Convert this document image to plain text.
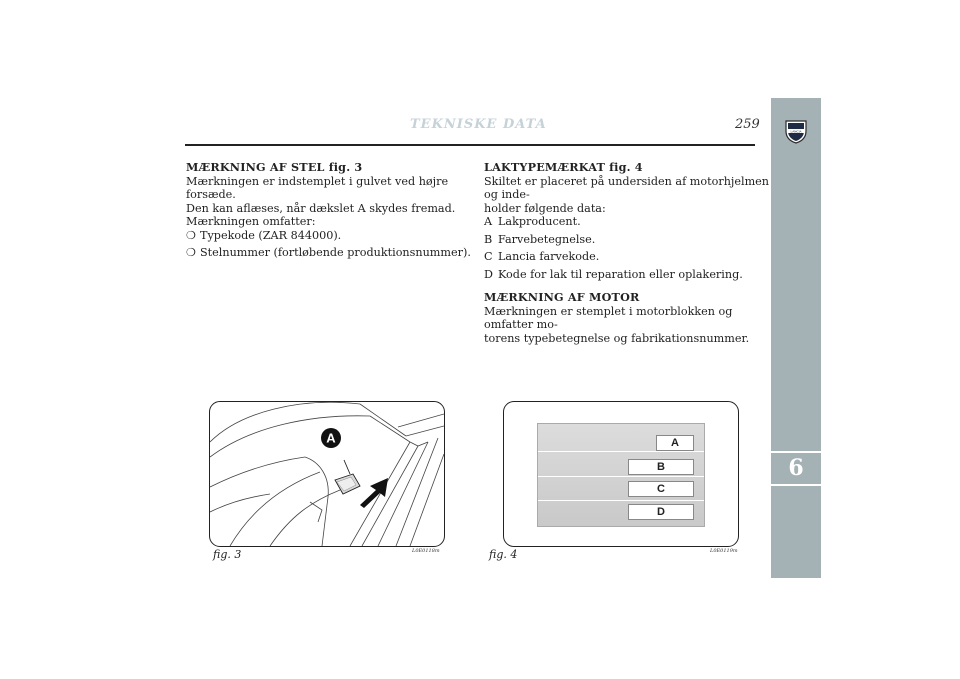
TEKNISKE DATA	259
6
LANCIA

MÆRKNING AF STEL fig. 3

Mærkningen er indstemplet i gulvet ved højre forsæde.

Den kan aflæses, når dækslet A skydes fremad.

Mærkningen omfatter:

❍ Typekode (ZAR 844000).
❍ Stelnummer (fortløbende produktionsnummer).

LAKTYPEMÆRKAT fig. 4

Skiltet er placeret på undersiden af motorhjelmen og inde-

holder følgende data:

A Lakproducent.
B Farvebetegnelse.
C Lancia farvekode.
D Kode for lak til reparation eller oplakering.

MÆRKNING AF MOTOR

Mærkningen er stemplet i motorblokken og omfatter mo-

torens typebetegnelse og fabrikationsnummer.

A
fig. 3	L0E0118m
A
B
C
D
fig. 4	L0E0119m
